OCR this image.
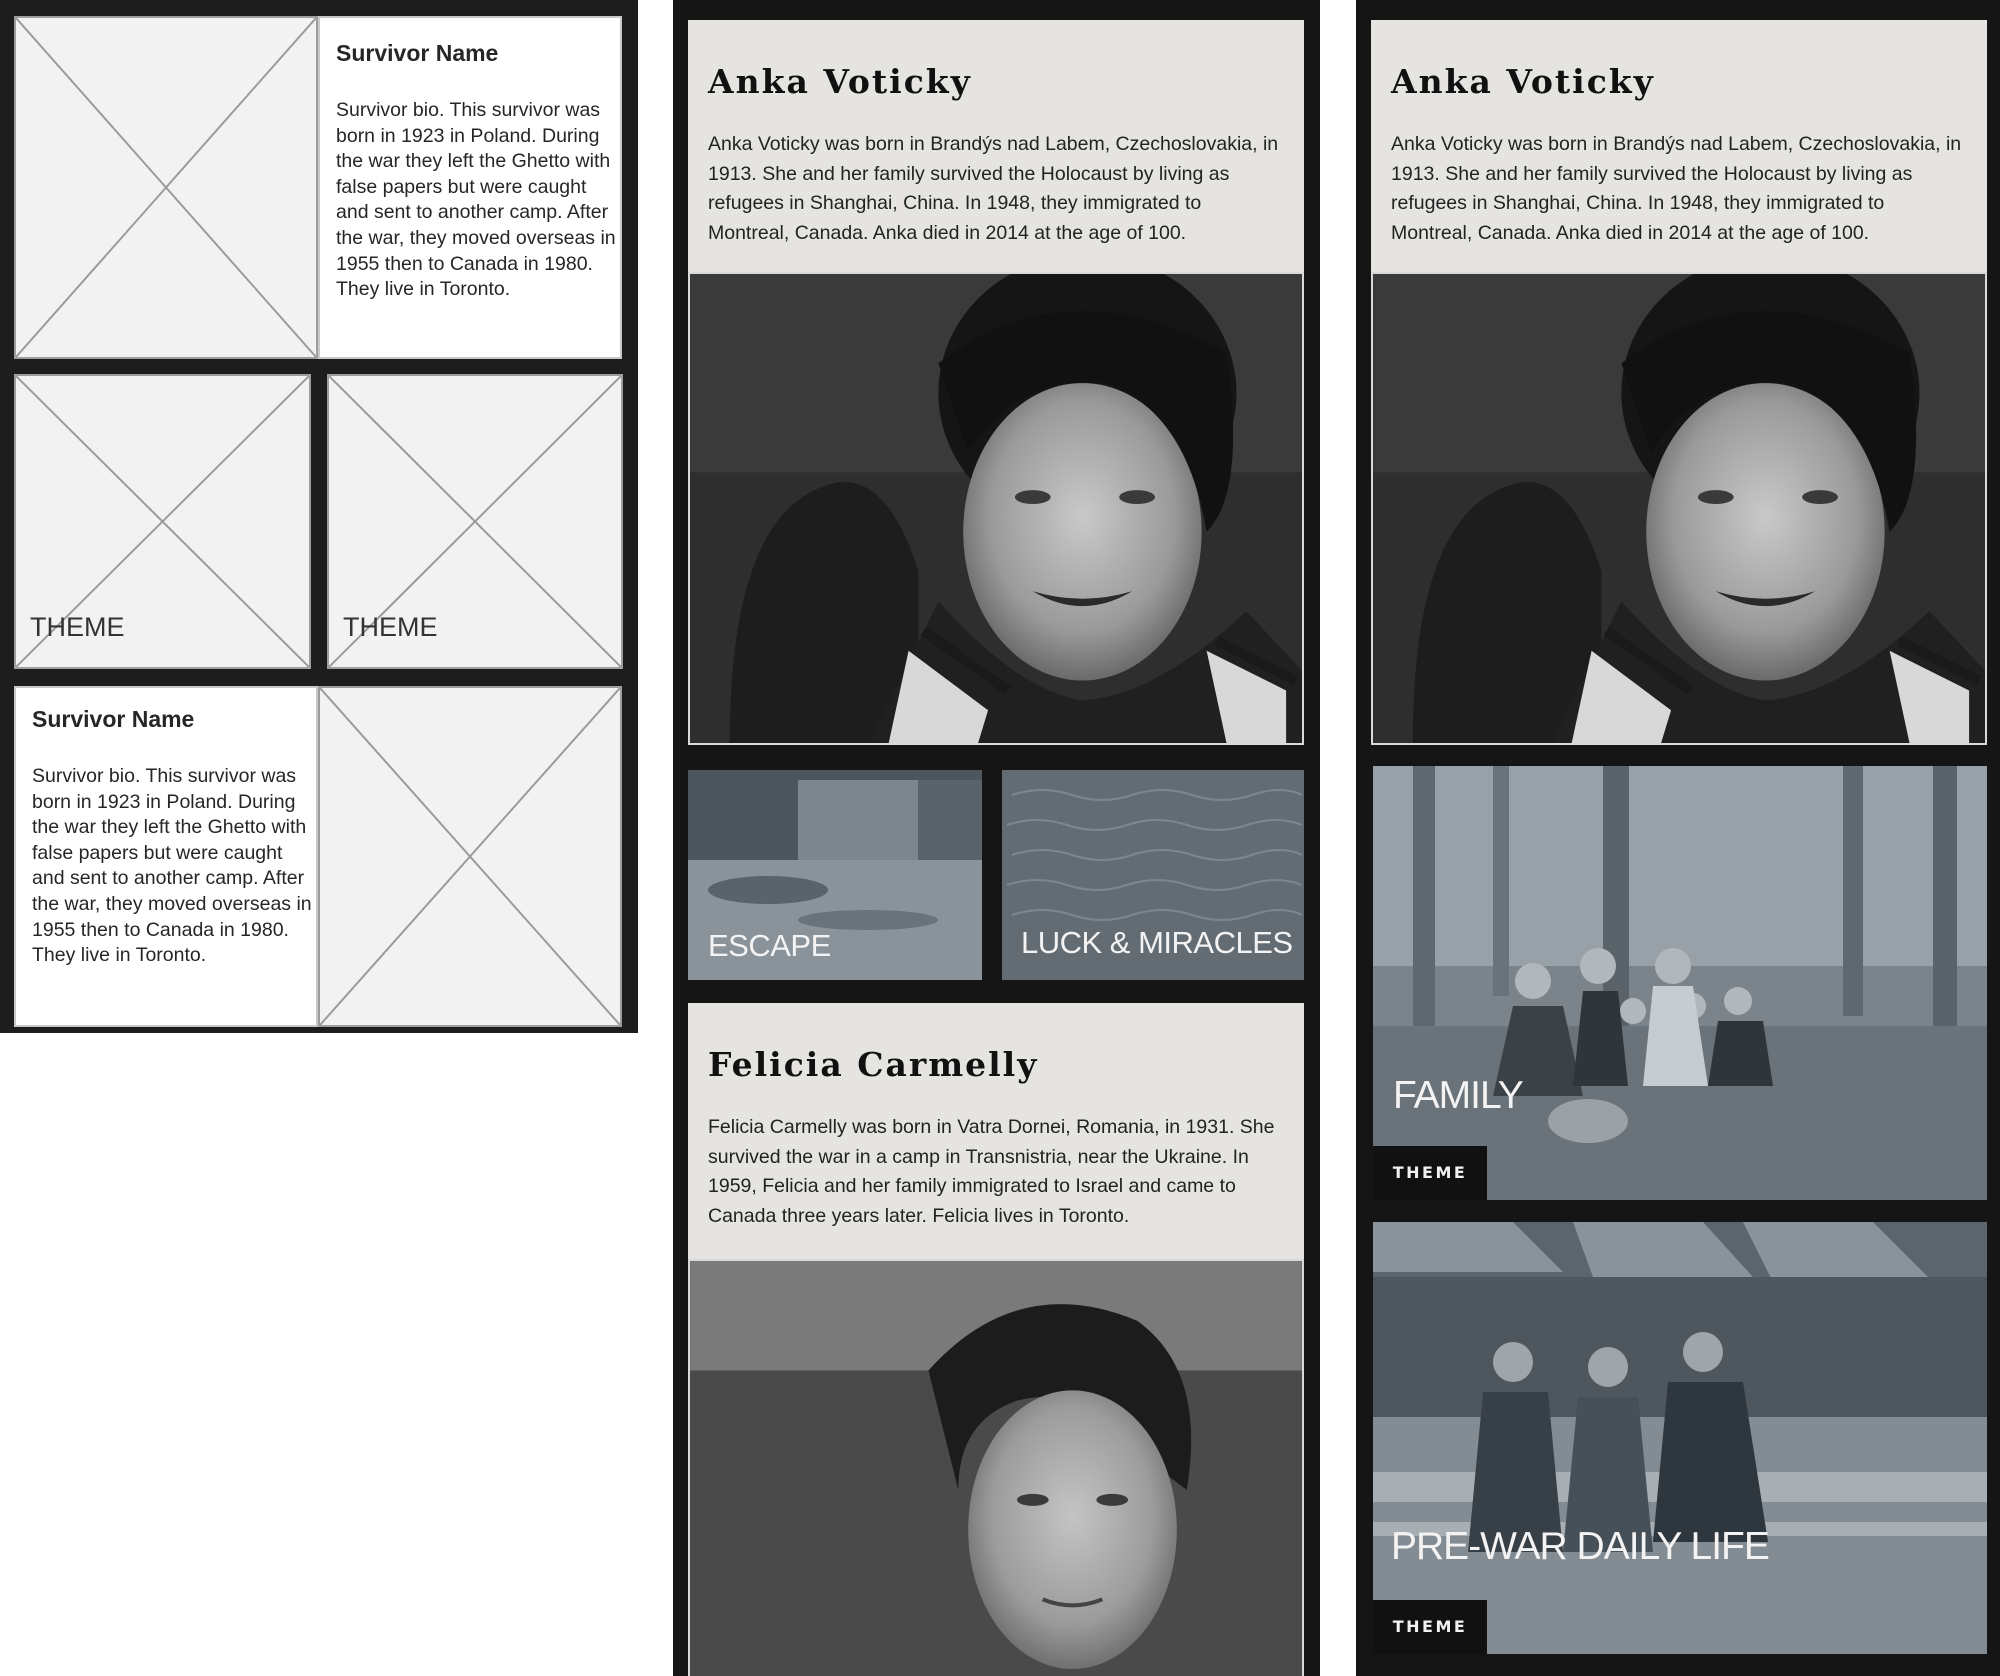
Survivor Name
Survivor bio. This survivor was born in 1923 in Poland. During the war they left the Ghetto with false papers but were caught and sent to another camp. After the war, they moved overseas in 1955 then to Canada in 1980. They live in Toronto.
THEME	THEME
Survivor Name
Survivor bio. This survivor was born in 1923 in Poland. During the war they left the Ghetto with false papers but were caught and sent to another camp. After the war, they moved overseas in 1955 then to Canada in 1980. They live in Toronto.
Anka Voticky
Anka Voticky was born in Brandýs nad Labem, Czechoslovakia, in 1913. She and her family survived the Holocaust by living as refugees in Shanghai, China. In 1948, they immigrated to Montreal, Canada. Anka died in 2014 at the age of 100.
ESCAPE	LUCK & MIRACLES
Felicia Carmelly
Felicia Carmelly was born in Vatra Dornei, Romania, in 1931. She survived the war in a camp in Transnistria, near the Ukraine. In 1959, Felicia and her family immigrated to Israel and came to Canada three years later. Felicia lives in Toronto.
Anka Voticky
Anka Voticky was born in Brandýs nad Labem, Czechoslovakia, in 1913. She and her family survived the Holocaust by living as refugees in Shanghai, China. In 1948, they immigrated to Montreal, Canada. Anka died in 2014 at the age of 100.
FAMILY
THEME
PRE-WAR DAILY LIFE
THEME
